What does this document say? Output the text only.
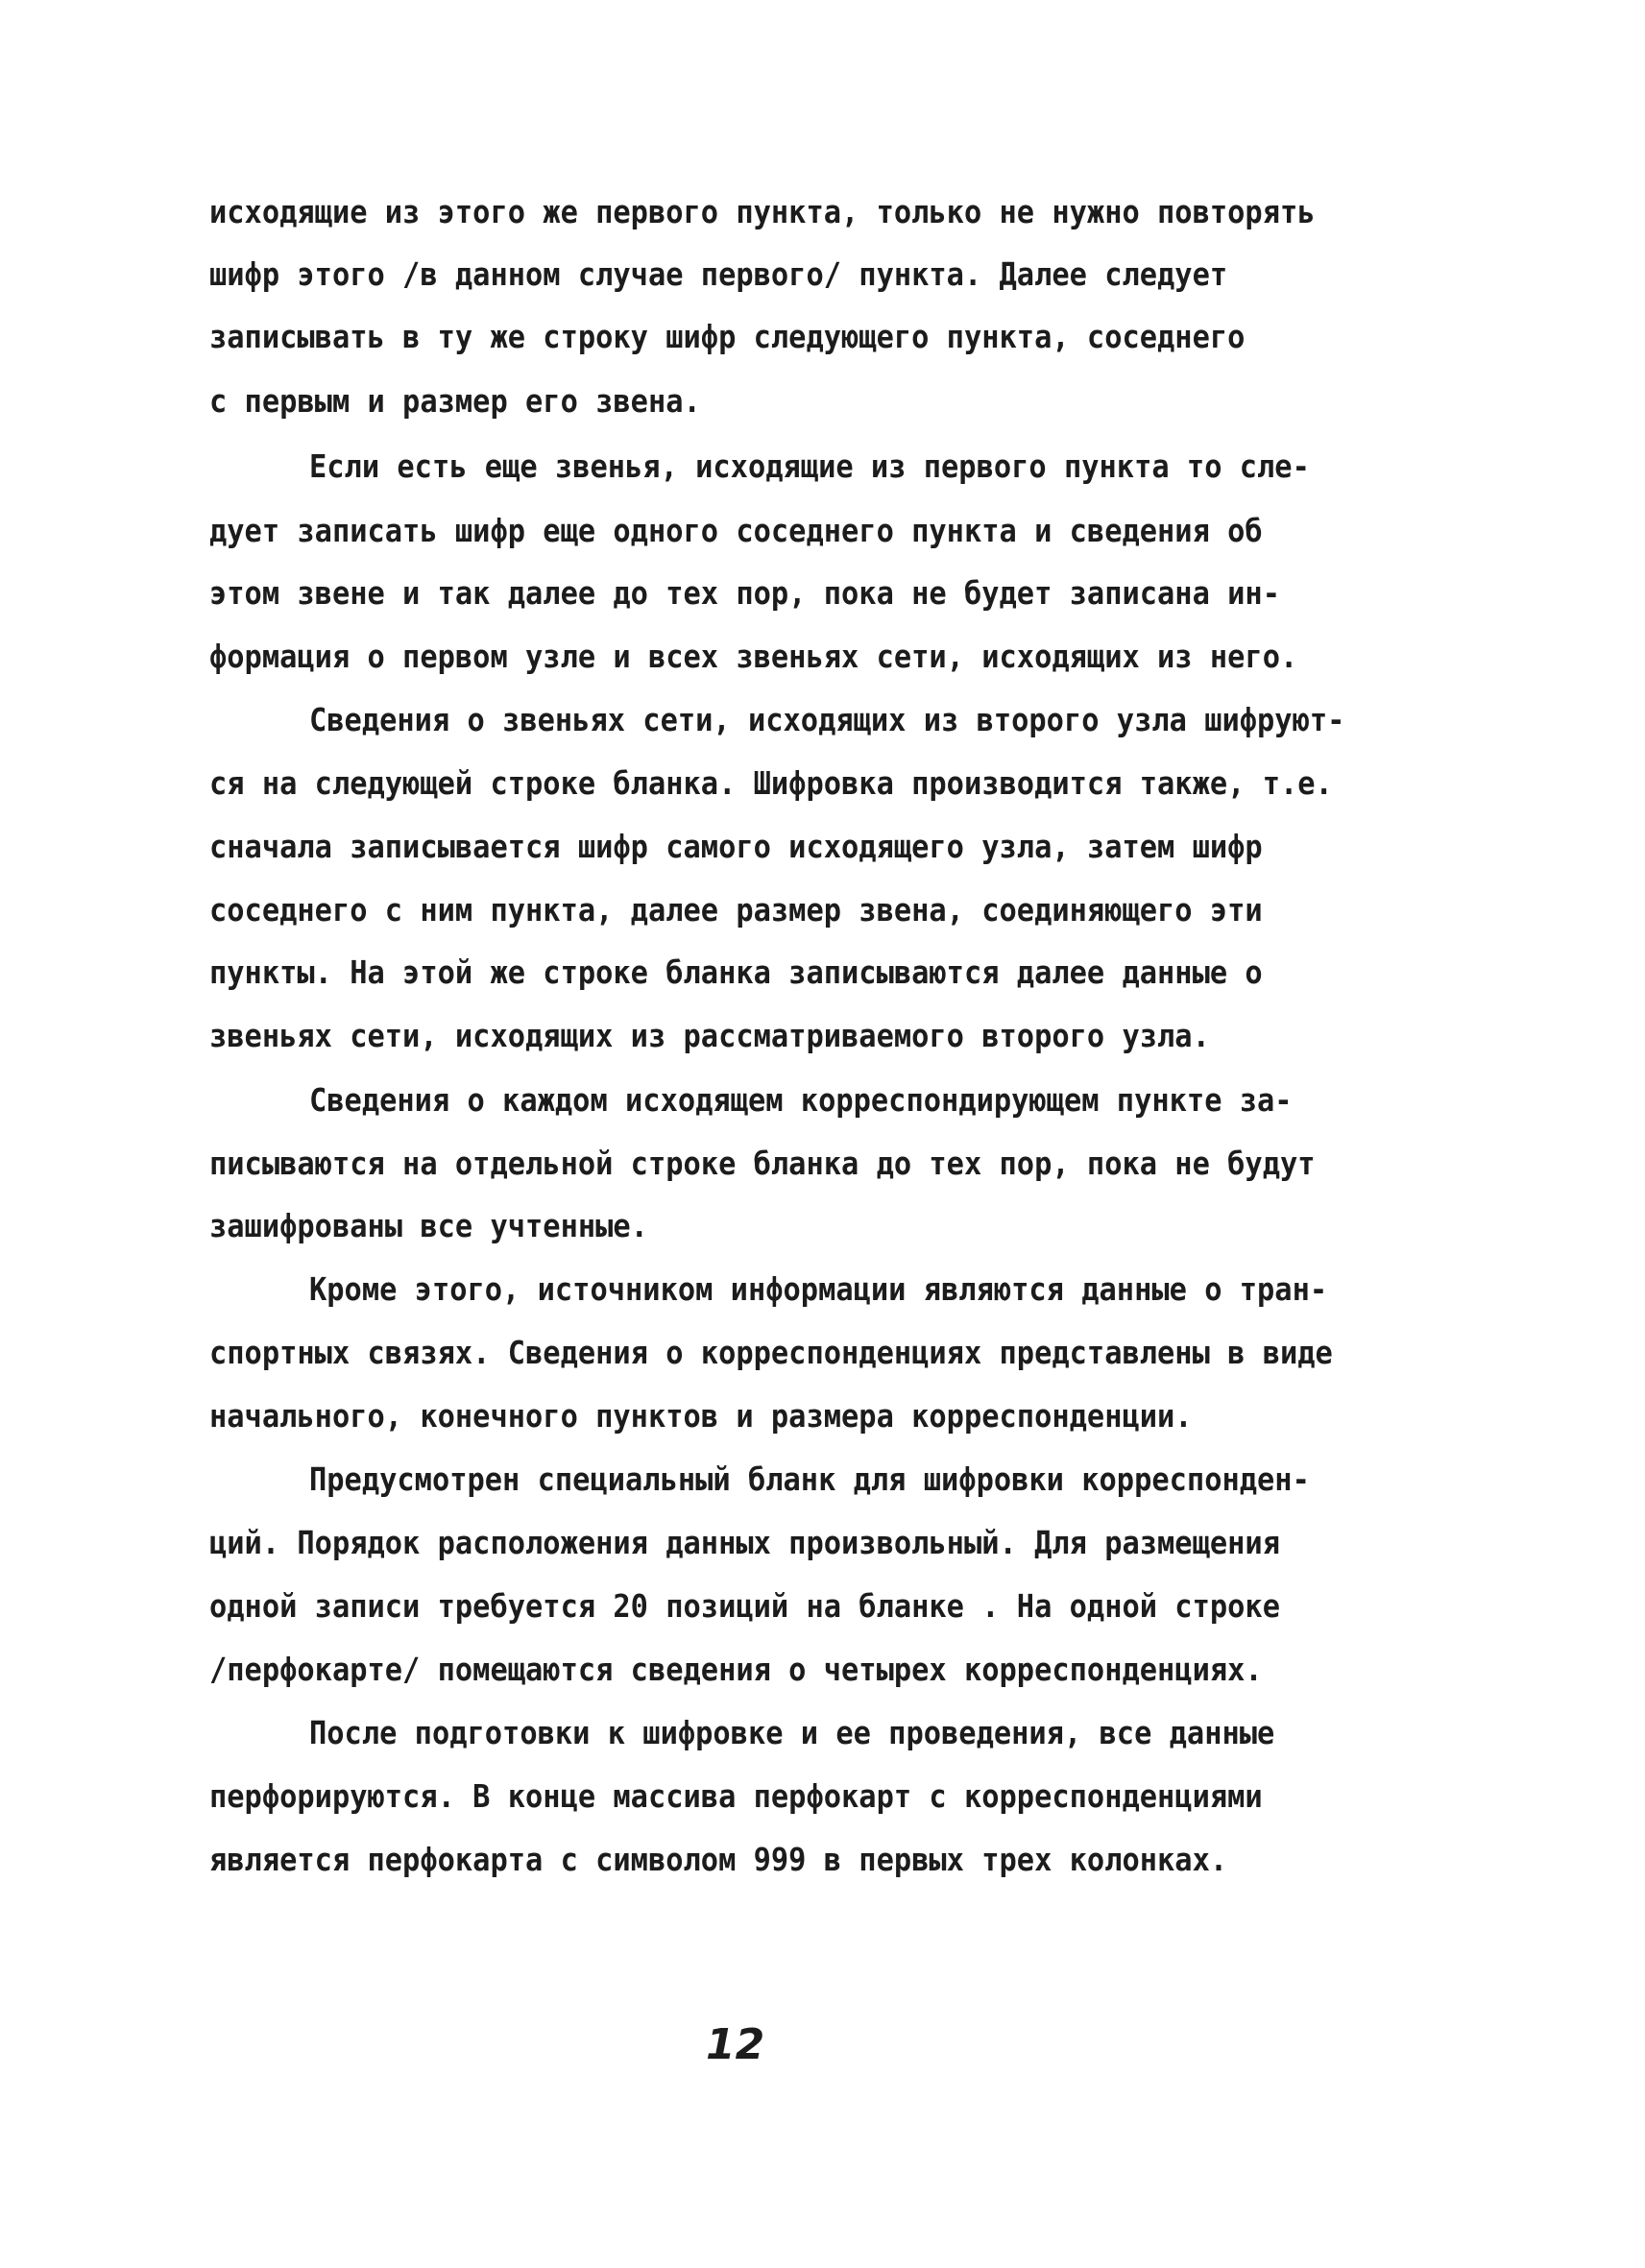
исходящие из этого же первого пункта, только не нужно повторять
шифр этого /в данном случае первого/ пункта. Далее следует
записывать в ту же строку шифр следующего пункта, соседнего
с первым и размер его звена.
Если есть еще звенья, исходящие из первого пункта то сле-
дует записать шифр еще одного соседнего пункта и сведения об
этом звене и так далее до тех пор, пока не будет записана ин-
формация о первом узле и всех звеньях сети, исходящих из него.
Сведения о звеньях сети, исходящих из второго узла шифруют-
ся на следующей строке бланка. Шифровка производится также, т.е.
сначала записывается шифр самого исходящего узла, затем шифр
соседнего с ним пункта, далее размер звена, соединяющего эти
пункты. На этой же строке бланка записываются далее данные о
звеньях сети, исходящих из рассматриваемого второго узла.
Сведения о каждом исходящем корреспондирующем пункте за-
писываются на отдельной строке бланка до тех пор, пока не будут
зашифрованы все учтенные.
Кроме этого, источником информации являются данные о тран-
спортных связях. Сведения о корреспонденциях представлены в виде
начального, конечного пунктов и размера корреспонденции.
Предусмотрен специальный бланк для шифровки корреспонден-
ций. Порядок расположения данных произвольный. Для размещения
одной записи требуется 20 позиций на бланке . На одной строке
/перфокарте/ помещаются сведения о четырех корреспонденциях.
После подготовки к шифровке и ее проведения, все данные
перфорируются. В конце массива перфокарт с корреспонденциями
является перфокарта с символом 999 в первых трех колонках.
12
